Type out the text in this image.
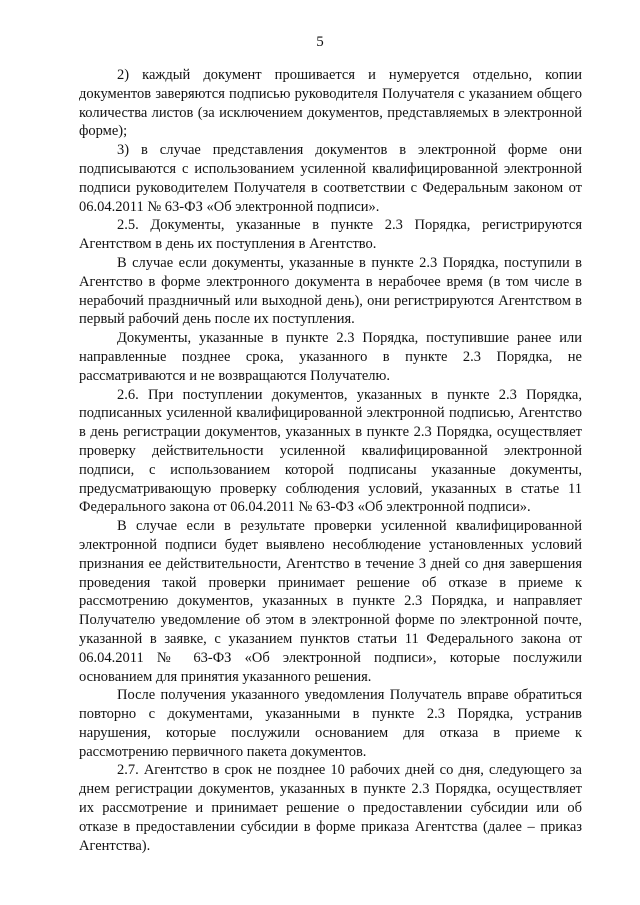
5

2) каждый документ прошивается и нумеруется отдельно, копии документов заверяются подписью руководителя Получателя с указанием общего количества листов (за исключением документов, представляемых в электронной форме);

3) в случае представления документов в электронной форме они подписываются с использованием усиленной квалифицированной электронной подписи руководителем Получателя в соответствии с Федеральным законом от 06.04.2011 № 63-ФЗ «Об электронной подписи».

2.5. Документы, указанные в пункте 2.3 Порядка, регистрируются Агентством в день их поступления в Агентство.

В случае если документы, указанные в пункте 2.3 Порядка, поступили в Агентство в форме электронного документа в нерабочее время (в том числе в нерабочий праздничный или выходной день), они регистрируются Агентством в первый рабочий день после их поступления.

Документы, указанные в пункте 2.3 Порядка, поступившие ранее или направленные позднее срока, указанного в пункте 2.3 Порядка, не рассматриваются и не возвращаются Получателю.

2.6. При поступлении документов, указанных в пункте 2.3 Порядка, подписанных усиленной квалифицированной электронной подписью, Агентство в день регистрации документов, указанных в пункте 2.3 Порядка, осуществляет проверку действительности усиленной квалифицированной электронной подписи, с использованием которой подписаны указанные документы, предусматривающую проверку соблюдения условий, указанных в статье 11 Федерального закона от 06.04.2011 № 63-ФЗ «Об электронной подписи».

В случае если в результате проверки усиленной квалифицированной электронной подписи будет выявлено несоблюдение установленных условий признания ее действительности, Агентство в течение 3 дней со дня завершения проведения такой проверки принимает решение об отказе в приеме к рассмотрению документов, указанных в пункте 2.3 Порядка, и направляет Получателю уведомление об этом в электронной форме по электронной почте, указанной в заявке, с указанием пунктов статьи 11 Федерального закона от 06.04.2011 № 63-ФЗ «Об электронной подписи», которые послужили основанием для принятия указанного решения.

После получения указанного уведомления Получатель вправе обратиться повторно с документами, указанными в пункте 2.3 Порядка, устранив нарушения, которые послужили основанием для отказа в приеме к рассмотрению первичного пакета документов.

2.7. Агентство в срок не позднее 10 рабочих дней со дня, следующего за днем регистрации документов, указанных в пункте 2.3 Порядка, осуществляет их рассмотрение и принимает решение о предоставлении субсидии или об отказе в предоставлении субсидии в форме приказа Агентства (далее – приказ Агентства).
